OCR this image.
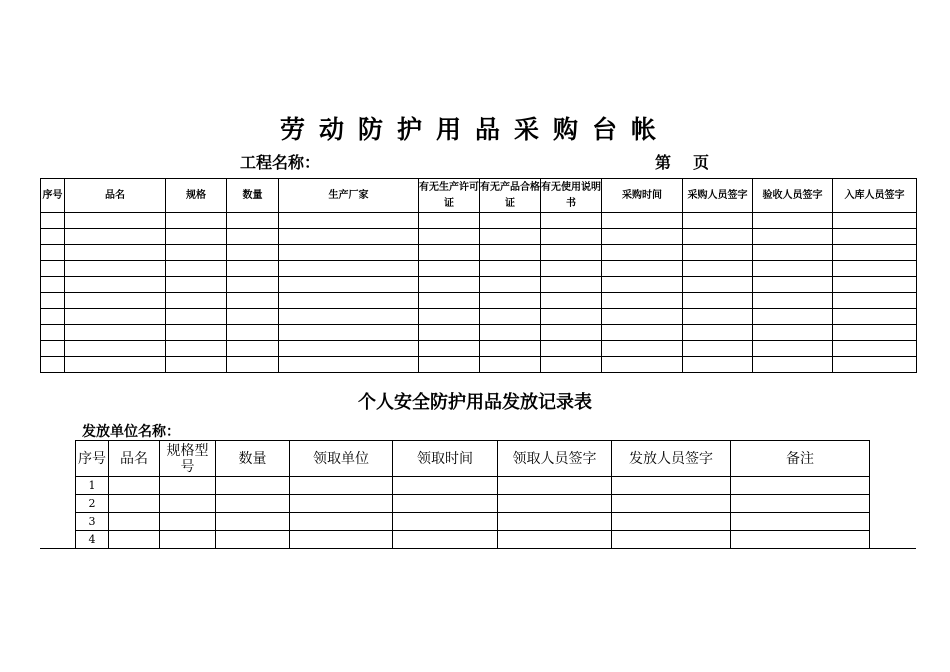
劳动防护用品采购台帐
工程名称：	第 页
序号	品名	规格	数量	生产厂家	有无生产许可证	有无产品合格证	有无使用说明书	采购时间	采购人员签字	验收人员签字	入库人员签字

个人安全防护用品发放记录表
发放单位名称：
序号	品名	规格型号	数量	领取单位	领取时间	领取人员签字	发放人员签字	备注
1								
2								
3								
4								
